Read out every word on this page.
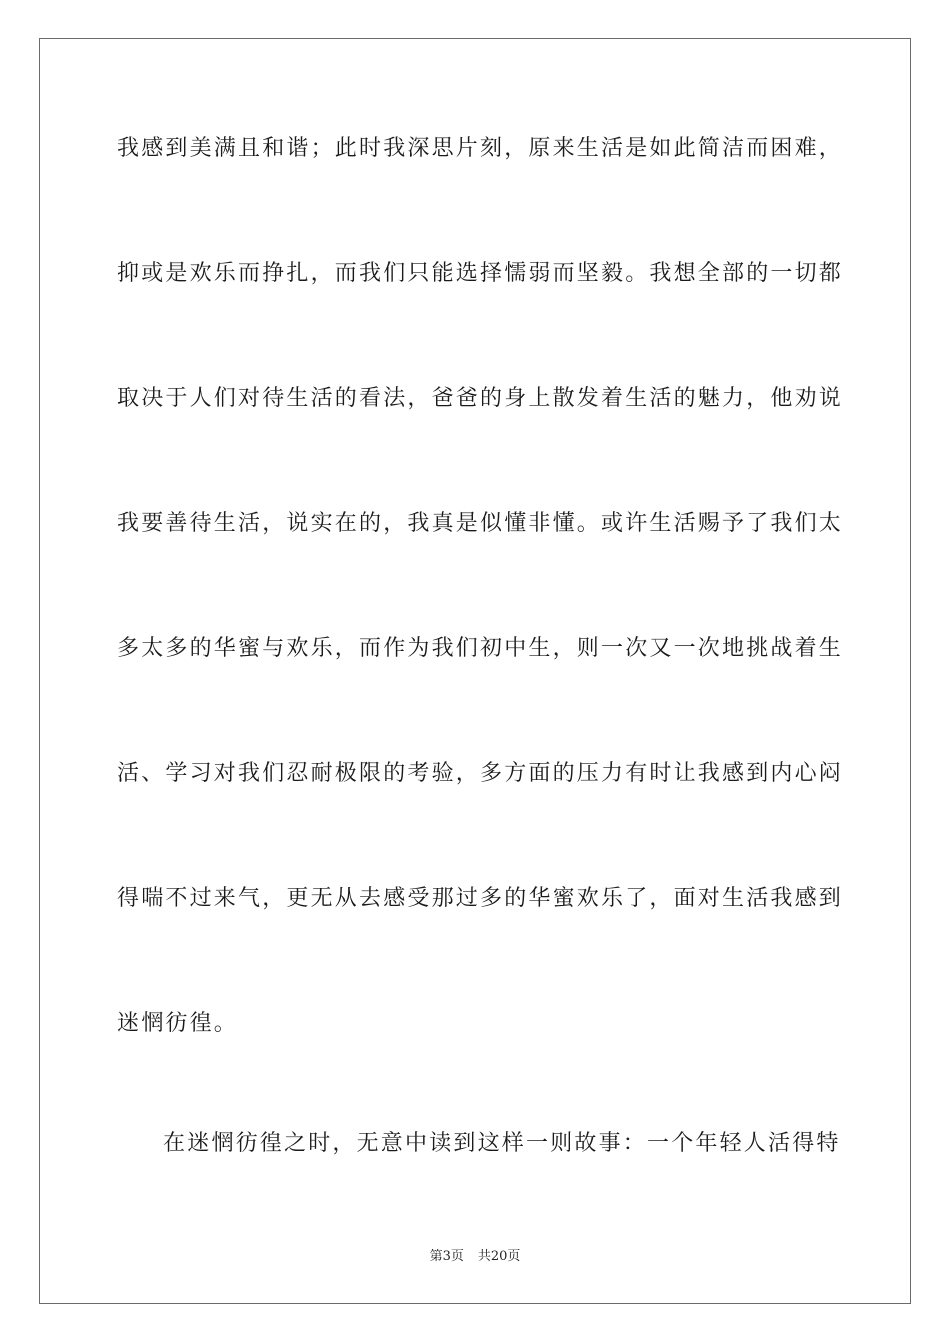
我感到美满且和谐；此时我深思片刻，原来生活是如此简洁而困难，
抑或是欢乐而挣扎，而我们只能选择懦弱而坚毅。我想全部的一切都
取决于人们对待生活的看法，爸爸的身上散发着生活的魅力，他劝说
我要善待生活，说实在的，我真是似懂非懂。或许生活赐予了我们太
多太多的华蜜与欢乐，而作为我们初中生，则一次又一次地挑战着生
活、学习对我们忍耐极限的考验，多方面的压力有时让我感到内心闷
得喘不过来气，更无从去感受那过多的华蜜欢乐了，面对生活我感到
迷惘彷徨。
在迷惘彷徨之时，无意中读到这样一则故事：一个年轻人活得特
第3页 共20页
